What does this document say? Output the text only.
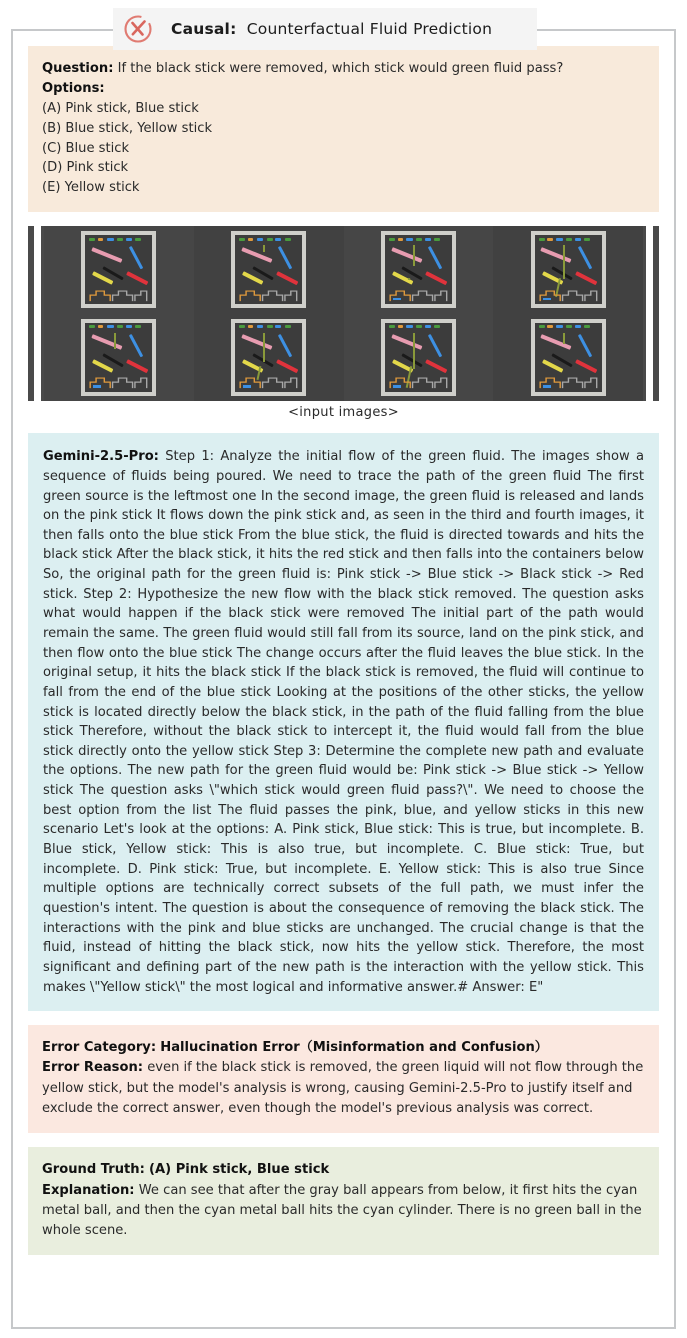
Question: If the black stick were removed, which stick would green fluid pass?

Options:

(A) Pink stick, Blue stick

(B) Blue stick, Yellow stick

(C) Blue stick

(D) Pink stick

(E) Yellow stick

<input images>

Gemini-2.5-Pro: Step 1: Analyze the initial flow of the green fluid. The images show a sequence of fluids being poured. We need to trace the path of the green fluid The first green source is the leftmost one In the second image, the green fluid is released and lands on the pink stick It flows down the pink stick and, as seen in the third and fourth images, it then falls onto the blue stick From the blue stick, the fluid is directed towards and hits the black stick After the black stick, it hits the red stick and then falls into the containers below So, the original path for the green fluid is: Pink stick -> Blue stick -> Black stick -> Red stick. Step 2: Hypothesize the new flow with the black stick removed. The question asks what would happen if the black stick were removed The initial part of the path would remain the same. The green fluid would still fall from its source, land on the pink stick, and then flow onto the blue stick The change occurs after the fluid leaves the blue stick. In the original setup, it hits the black stick If the black stick is removed, the fluid will continue to fall from the end of the blue stick Looking at the positions of the other sticks, the yellow stick is located directly below the black stick, in the path of the fluid falling from the blue stick Therefore, without the black stick to intercept it, the fluid would fall from the blue stick directly onto the yellow stick Step 3: Determine the complete new path and evaluate the options. The new path for the green fluid would be: Pink stick -> Blue stick -> Yellow stick The question asks \"which stick would green fluid pass?\". We need to choose the best option from the list The fluid passes the pink, blue, and yellow sticks in this new scenario Let's look at the options: A. Pink stick, Blue stick: This is true, but incomplete. B. Blue stick, Yellow stick: This is also true, but incomplete. C. Blue stick: True, but incomplete. D. Pink stick: True, but incomplete. E. Yellow stick: This is also true Since multiple options are technically correct subsets of the full path, we must infer the question's intent. The question is about the consequence of removing the black stick. The interactions with the pink and blue sticks are unchanged. The crucial change is that the fluid, instead of hitting the black stick, now hits the yellow stick. Therefore, the most significant and defining part of the new path is the interaction with the yellow stick. This makes \"Yellow stick\" the most logical and informative answer.# Answer: E"

Error Category: Hallucination Error（Misinformation and Confusion）

Error Reason: even if the black stick is removed, the green liquid will not flow through the yellow stick, but the model's analysis is wrong, causing Gemini-2.5-Pro to justify itself and exclude the correct answer, even though the model's previous analysis was correct.

Ground Truth: (A) Pink stick, Blue stick

Explanation: We can see that after the gray ball appears from below, it first hits the cyan metal ball, and then the cyan metal ball hits the cyan cylinder. There is no green ball in the whole scene.

Causal: Counterfactual Fluid Prediction
